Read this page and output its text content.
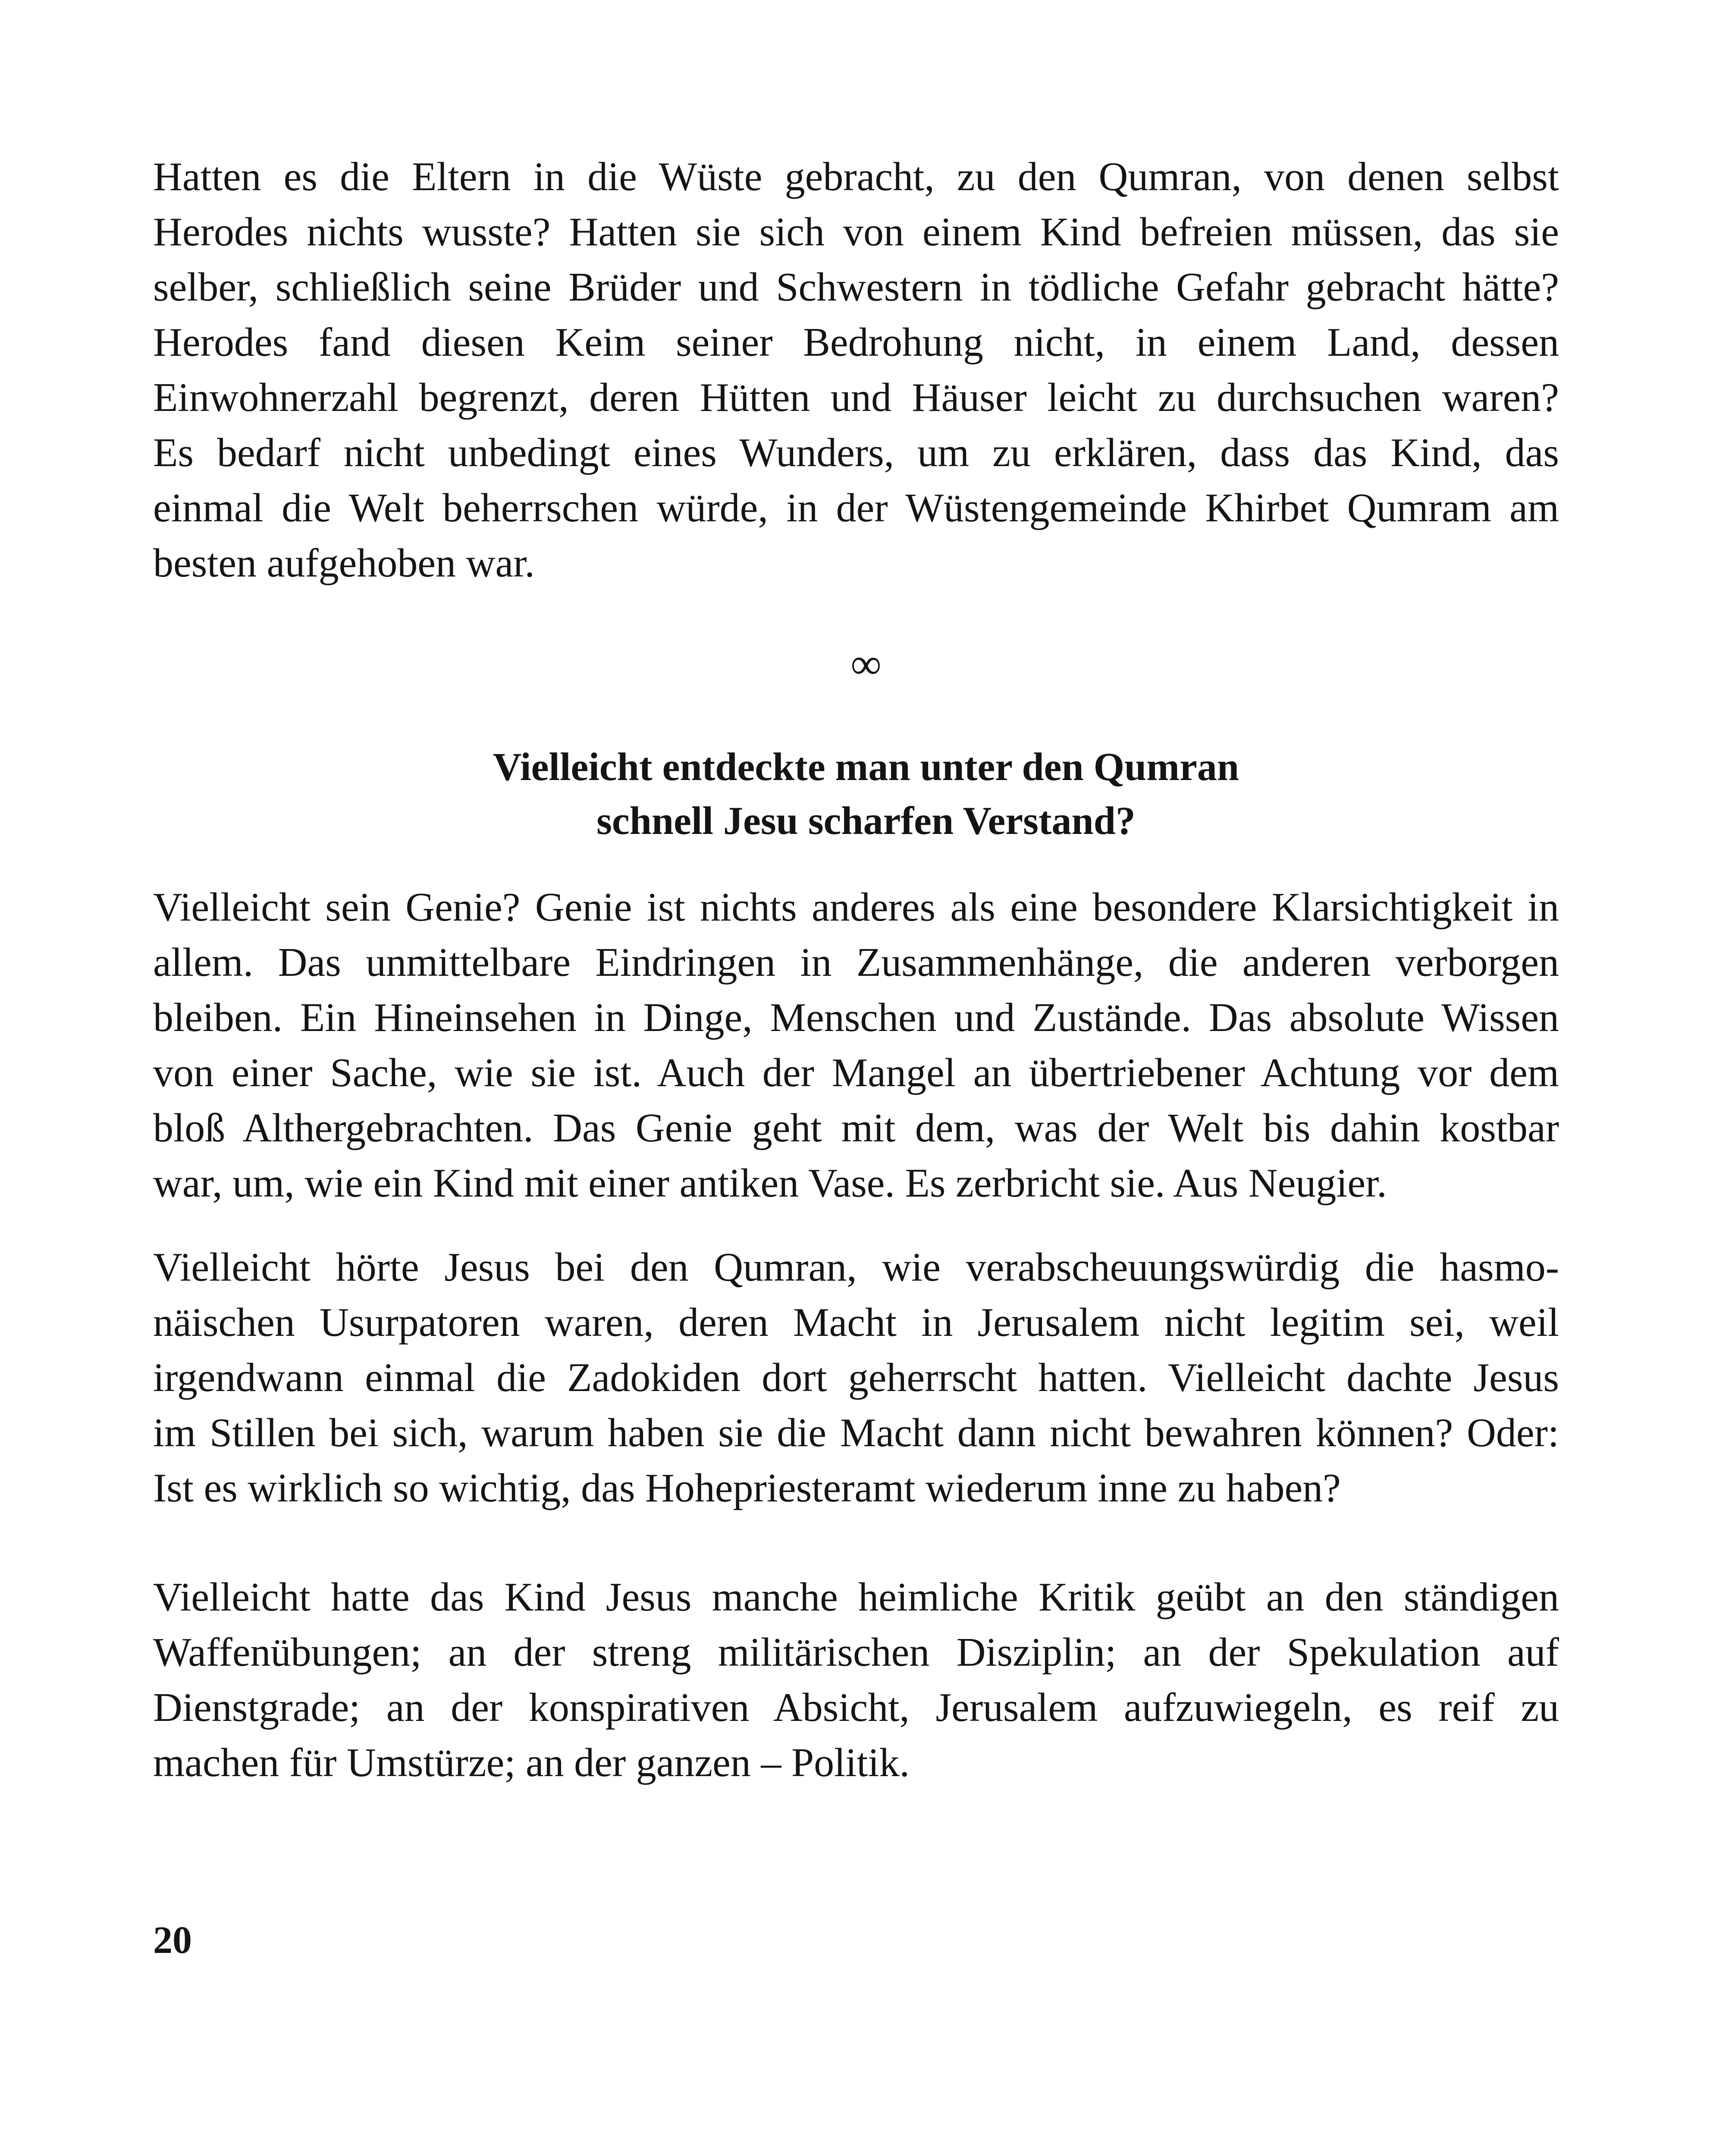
Hatten es die Eltern in die Wüste gebracht, zu den Qumran, von denen selbst
Herodes nichts wusste? Hatten sie sich von einem Kind befreien müssen, das sie
selber, schließlich seine Brüder und Schwestern in tödliche Gefahr gebracht hätte?
Herodes fand diesen Keim seiner Bedrohung nicht, in einem Land, dessen
Einwohnerzahl begrenzt, deren Hütten und Häuser leicht zu durchsuchen waren?
Es bedarf nicht unbedingt eines Wunders, um zu erklären, dass das Kind, das
einmal die Welt beherrschen würde, in der Wüstengemeinde Khirbet Qumram am
besten aufgehoben war.
∞
Vielleicht entdeckte man unter den Qumran
schnell Jesu scharfen Verstand?
Vielleicht sein Genie? Genie ist nichts anderes als eine besondere Klarsichtigkeit in
allem. Das unmittelbare Eindringen in Zusammenhänge, die anderen verborgen
bleiben. Ein Hineinsehen in Dinge, Menschen und Zustände. Das absolute Wissen
von einer Sache, wie sie ist. Auch der Mangel an übertriebener Achtung vor dem
bloß Althergebrachten. Das Genie geht mit dem, was der Welt bis dahin kostbar
war, um, wie ein Kind mit einer antiken Vase. Es zerbricht sie. Aus Neugier.
Vielleicht hörte Jesus bei den Qumran, wie verabscheuungswürdig die hasmo-
näischen Usurpatoren waren, deren Macht in Jerusalem nicht legitim sei, weil
irgendwann einmal die Zadokiden dort geherrscht hatten. Vielleicht dachte Jesus
im Stillen bei sich, warum haben sie die Macht dann nicht bewahren können? Oder:
Ist es wirklich so wichtig, das Hohepriesteramt wiederum inne zu haben?
Vielleicht hatte das Kind Jesus manche heimliche Kritik geübt an den ständigen
Waffenübungen; an der streng militärischen Disziplin; an der Spekulation auf
Dienstgrade; an der konspirativen Absicht, Jerusalem aufzuwiegeln, es reif zu
machen für Umstürze; an der ganzen – Politik.
20
